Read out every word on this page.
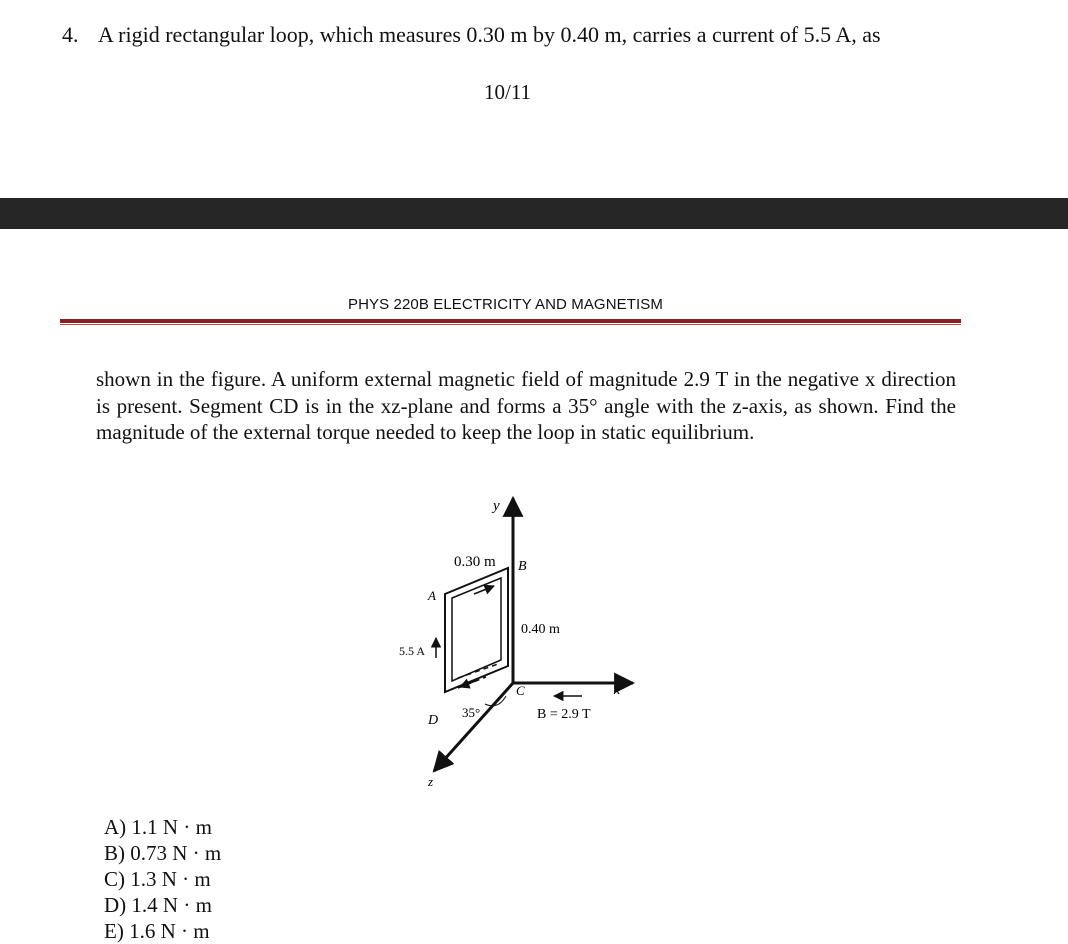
4. A rigid rectangular loop, which measures 0.30 m by 0.40 m, carries a current of 5.5 A, as
10/11
PHYS 220B ELECTRICITY AND MAGNETISM
shown in the figure. A uniform external magnetic field of magnitude 2.9 T in the negative x direction is present. Segment CD is in the xz-plane and forms a 35° angle with the z-axis, as shown. Find the magnitude of the external torque needed to keep the loop in static equilibrium.
y
x
z
0.30 m B
A
0.40 m
5.5 A
C
D
35°	B = 2.9 T
A) 1.1 N · m
B) 0.73 N · m
C) 1.3 N · m
D) 1.4 N · m
E) 1.6 N · m
